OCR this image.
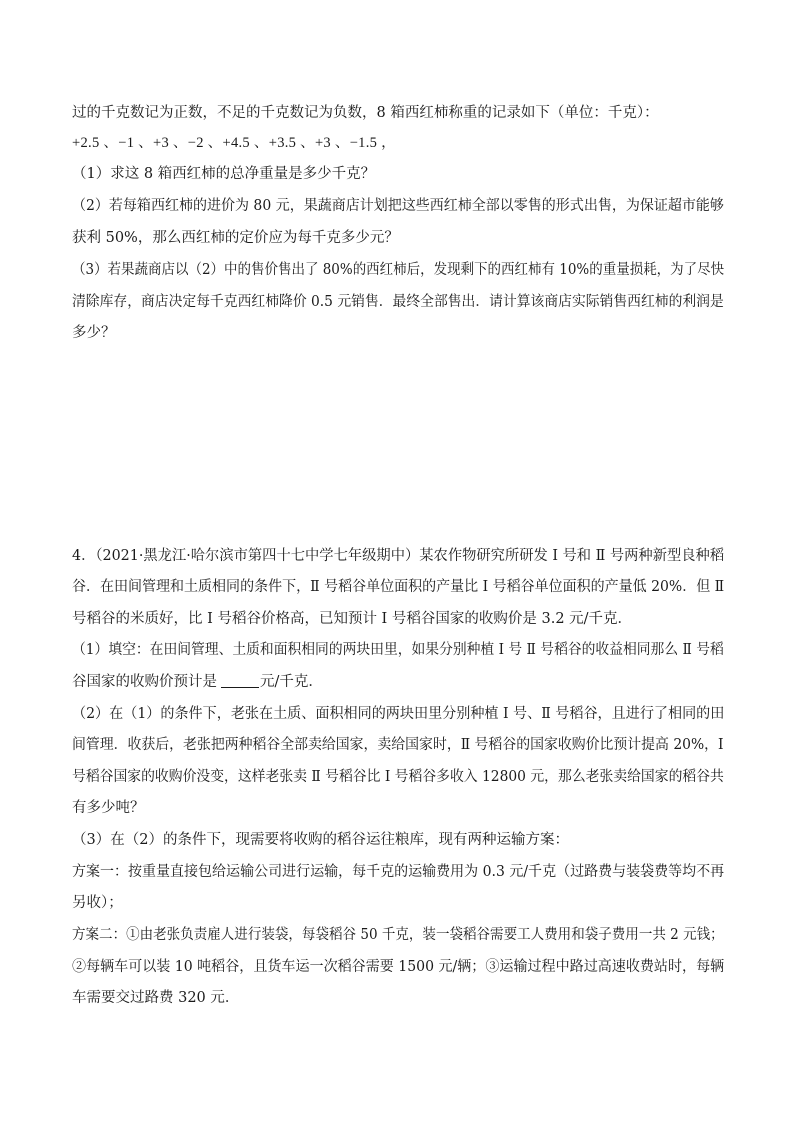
过的千克数记为正数，不足的千克数记为负数，8 箱西红柿称重的记录如下（单位：千克）：
+2.5 、−1 、+3 、−2 、+4.5 、+3.5 、+3 、−1.5 ，
（1）求这 8 箱西红柿的总净重量是多少千克？
（2）若每箱西红柿的进价为 80 元，果蔬商店计划把这些西红柿全部以零售的形式出售，为保证超市能够
获利 50%，那么西红柿的定价应为每千克多少元？
（3）若果蔬商店以（2）中的售价售出了 80%的西红柿后，发现剩下的西红柿有 10%的重量损耗，为了尽快
清除库存，商店决定每千克西红柿降价 0.5 元销售．最终全部售出．请计算该商店实际销售西红柿的利润是
多少？
4．（2021·黑龙江·哈尔滨市第四十七中学七年级期中）某农作物研究所研发 Ⅰ 号和 Ⅱ 号两种新型良种稻
谷．在田间管理和土质相同的条件下，Ⅱ 号稻谷单位面积的产量比 Ⅰ 号稻谷单位面积的产量低 20%．但 Ⅱ
号稻谷的米质好，比 Ⅰ 号稻谷价格高，已知预计 Ⅰ 号稻谷国家的收购价是 3.2 元/千克．
（1）填空：在田间管理、土质和面积相同的两块田里，如果分别种植 Ⅰ 号 Ⅱ 号稻谷的收益相同那么 Ⅱ 号稻
谷国家的收购价预计是	元/千克．
（2）在（1）的条件下，老张在土质、面积相同的两块田里分别种植 Ⅰ 号、Ⅱ 号稻谷，且进行了相同的田
间管理．收获后，老张把两种稻谷全部卖给国家，卖给国家时，Ⅱ 号稻谷的国家收购价比预计提高 20%，Ⅰ
号稻谷国家的收购价没变，这样老张卖 Ⅱ 号稻谷比 Ⅰ 号稻谷多收入 12800 元，那么老张卖给国家的稻谷共
有多少吨？
（3）在（2）的条件下，现需要将收购的稻谷运往粮库，现有两种运输方案：
方案一：按重量直接包给运输公司进行运输，每千克的运输费用为 0.3 元/千克（过路费与装袋费等均不再
另收）；
方案二：①由老张负责雇人进行装袋，每袋稻谷 50 千克，装一袋稻谷需要工人费用和袋子费用一共 2 元钱；
②每辆车可以装 10 吨稻谷，且货车运一次稻谷需要 1500 元/辆；③运输过程中路过高速收费站时，每辆
车需要交过路费 320 元．
